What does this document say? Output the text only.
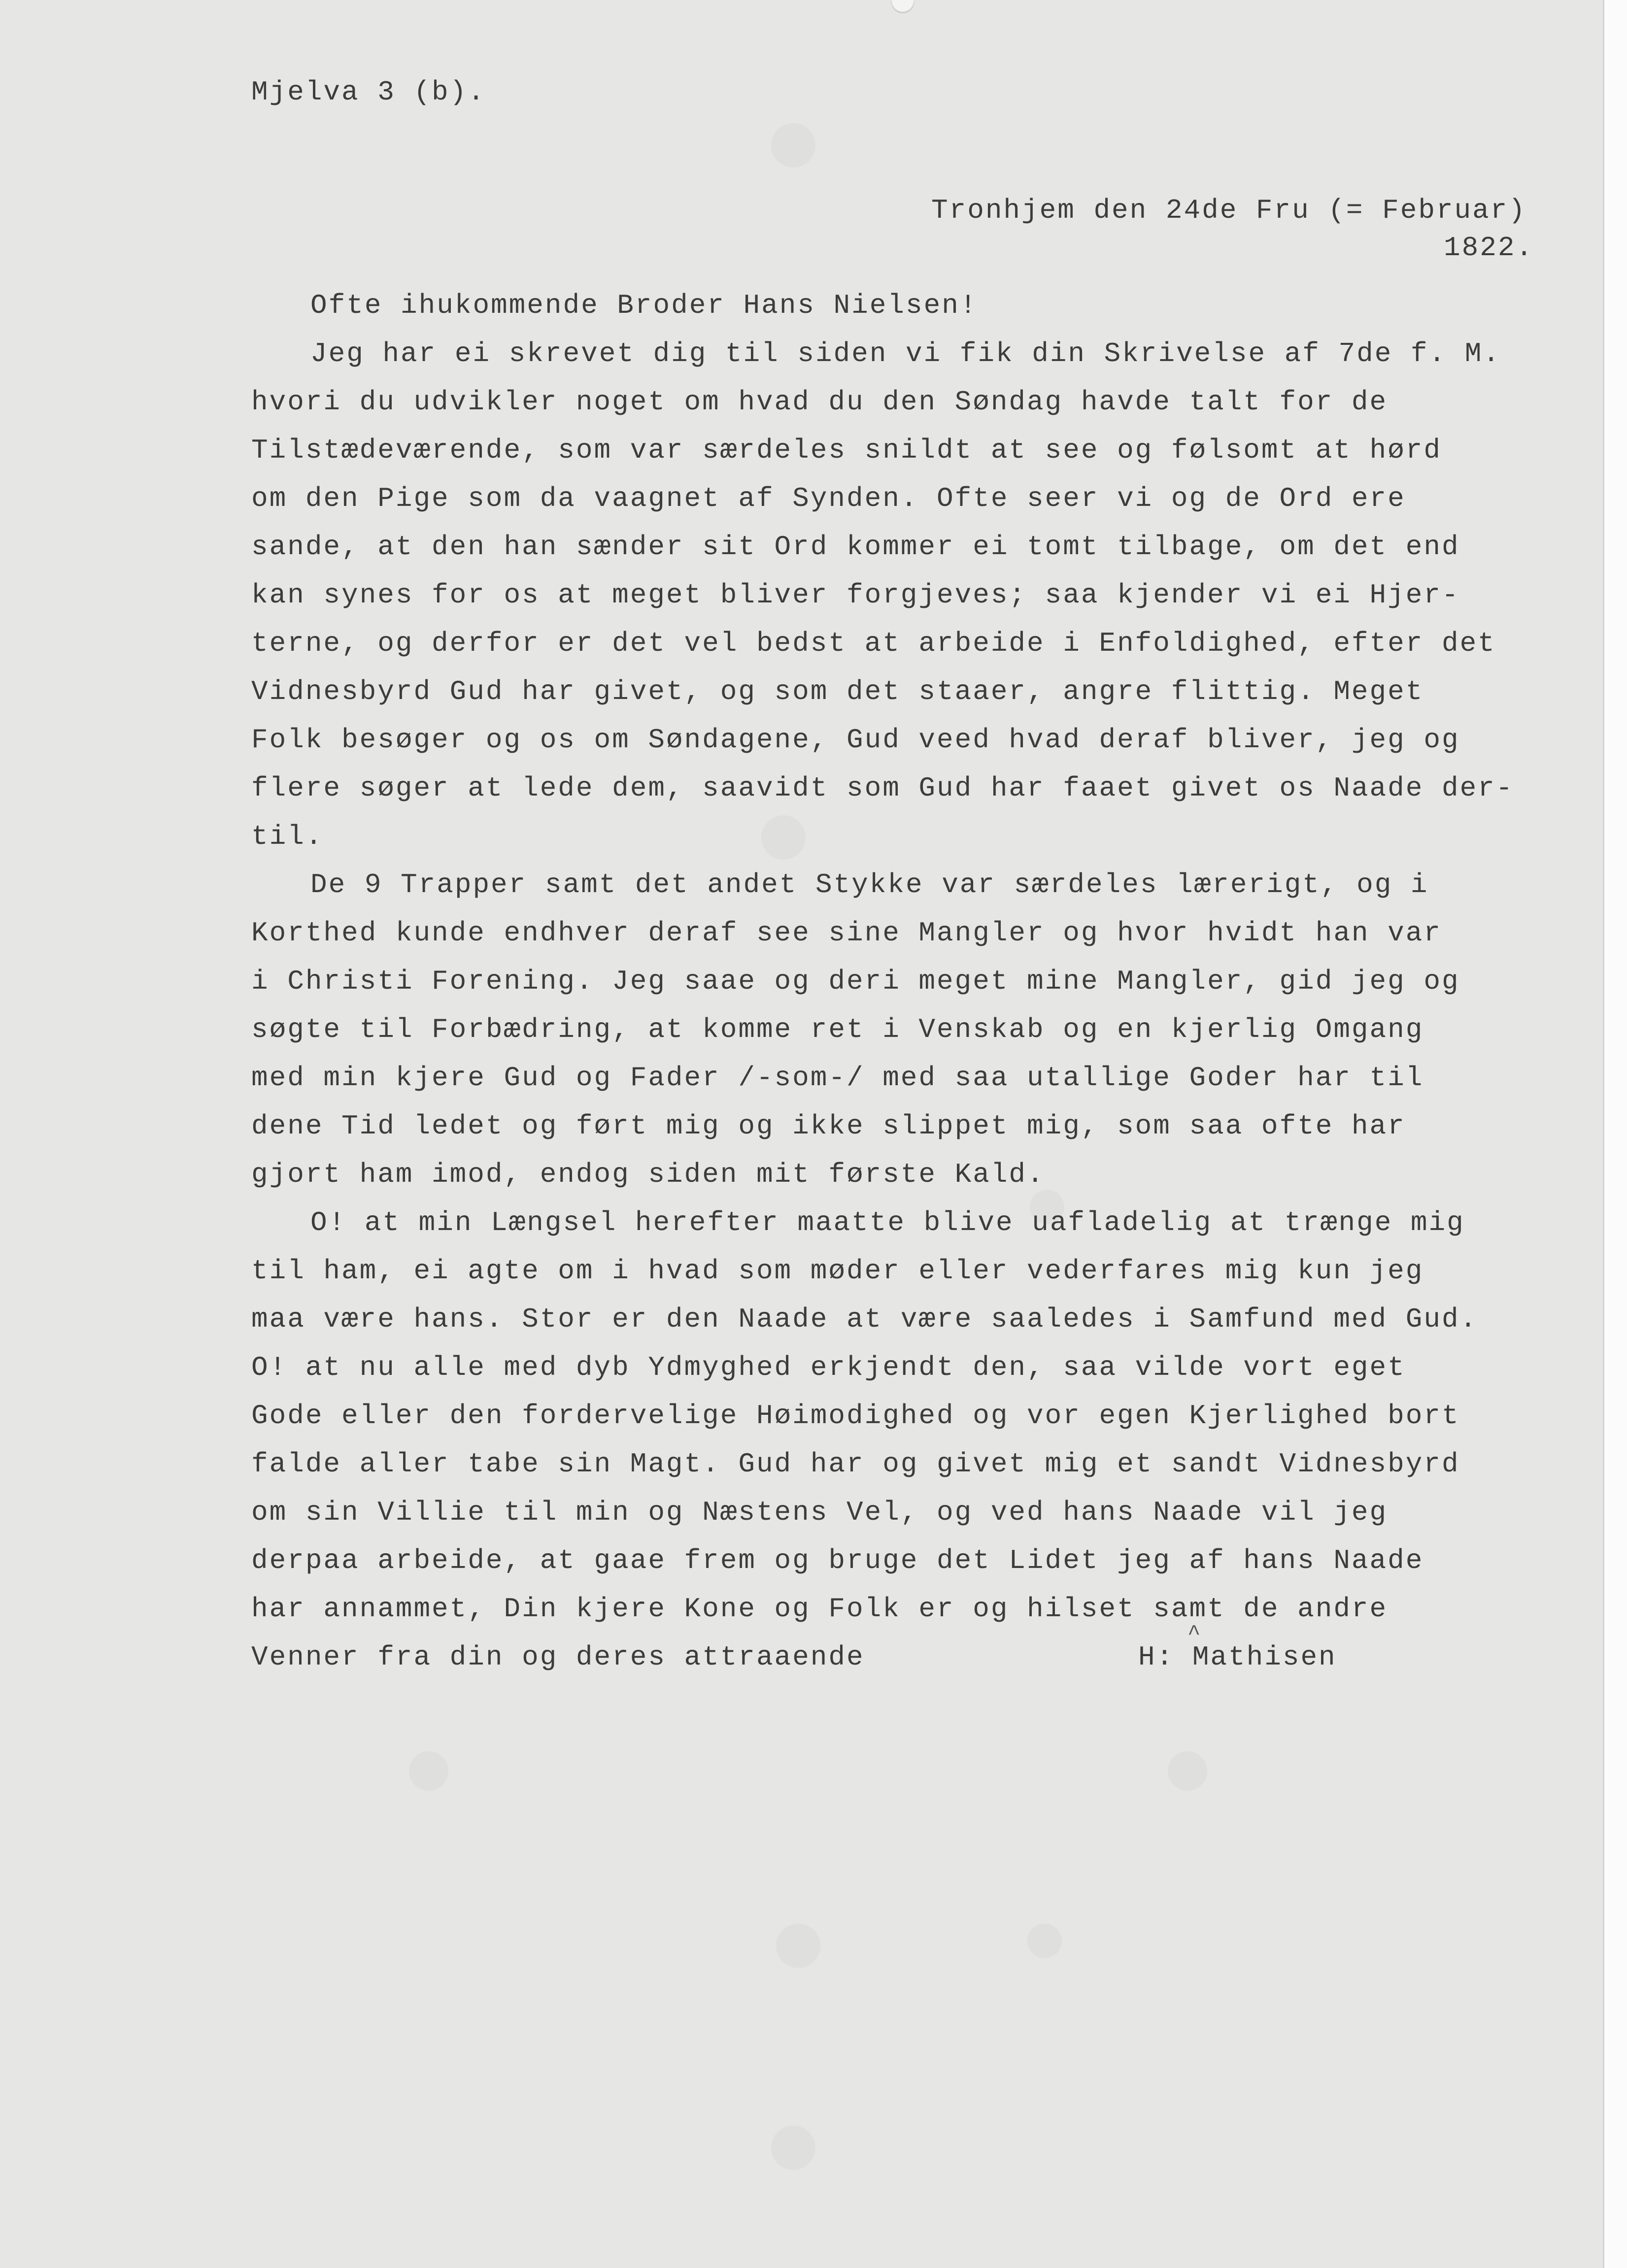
Mjelva 3 (b).
Tronhjem den 24de Fru (= Februar)
1822.
Ofte ihukommende Broder Hans Nielsen!
Jeg har ei skrevet dig til siden vi fik din Skrivelse af 7de f. M.
hvori du udvikler noget om hvad du den Søndag havde talt for de
Tilstædeværende, som var særdeles snildt at see og følsomt at hørd
om den Pige som da vaagnet af Synden. Ofte seer vi og de Ord ere
sande, at den han sænder sit Ord kommer ei tomt tilbage, om det end
kan synes for os at meget bliver forgjeves; saa kjender vi ei Hjer-
terne, og derfor er det vel bedst at arbeide i Enfoldighed, efter det
Vidnesbyrd Gud har givet, og som det staaer, angre flittig. Meget
Folk besøger og os om Søndagene, Gud veed hvad deraf bliver, jeg og
flere søger at lede dem, saavidt som Gud har faaet givet os Naade der-
til.
De 9 Trapper samt det andet Stykke var særdeles lærerigt, og i
Korthed kunde endhver deraf see sine Mangler og hvor hvidt han var
i Christi Forening. Jeg saae og deri meget mine Mangler, gid jeg og
søgte til Forbædring, at komme ret i Venskab og en kjerlig Omgang
med min kjere Gud og Fader /-som-/ med saa utallige Goder har til
dene Tid ledet og ført mig og ikke slippet mig, som saa ofte har
gjort ham imod, endog siden mit første Kald.
O! at min Længsel herefter maatte blive uafladelig at trænge mig
til ham, ei agte om i hvad som møder eller vederfares mig kun jeg
maa være hans. Stor er den Naade at være saaledes i Samfund med Gud.
O! at nu alle med dyb Ydmyghed erkjendt den, saa vilde vort eget
Gode eller den fordervelige Høimodighed og vor egen Kjerlighed bort
falde aller tabe sin Magt. Gud har og givet mig et sandt Vidnesbyrd
om sin Villie til min og Næstens Vel, og ved hans Naade vil jeg
derpaa arbeide, at gaae frem og bruge det Lidet jeg af hans Naade
har annammet, Din kjere Kone og Folk er og hilset samt de andre
^
Venner fra din og deres attraaende	H: Mathisen
